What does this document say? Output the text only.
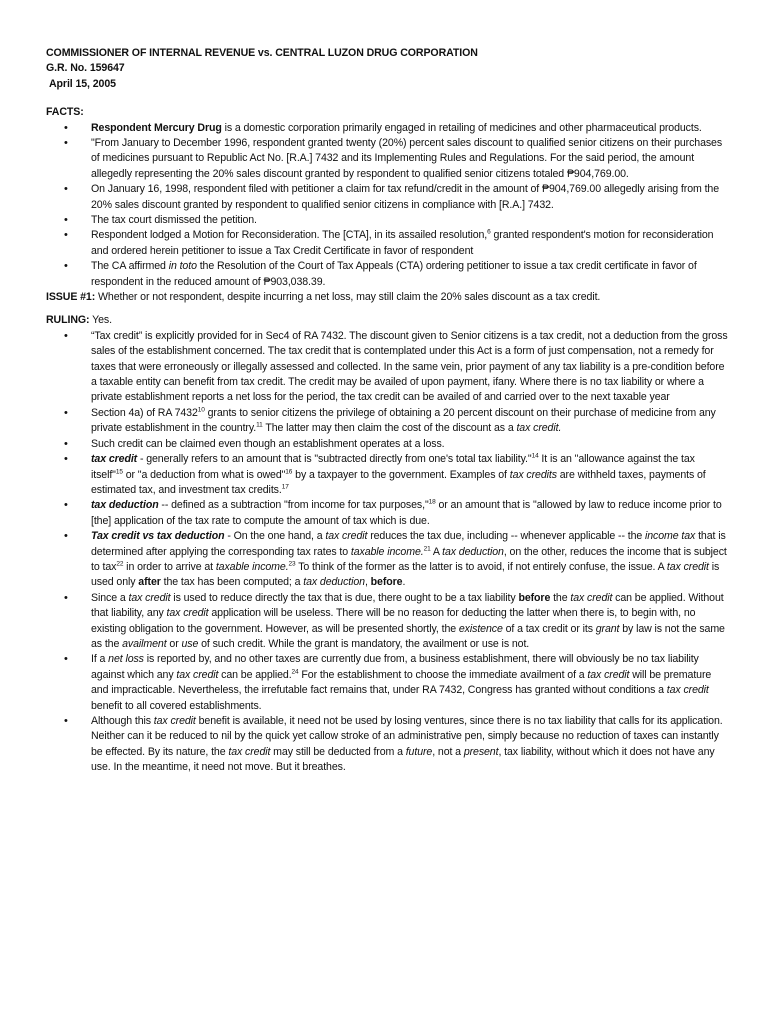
COMMISSIONER OF INTERNAL REVENUE vs. CENTRAL LUZON DRUG CORPORATION
G.R. No. 159647
April 15, 2005
FACTS:
• Respondent Mercury Drug is a domestic corporation primarily engaged in retailing of medicines and other pharmaceutical products.
• "From January to December 1996, respondent granted twenty (20%) percent sales discount to qualified senior citizens on their purchases of medicines pursuant to Republic Act No. [R.A.] 7432 and its Implementing Rules and Regulations. For the said period, the amount allegedly representing the 20% sales discount granted by respondent to qualified senior citizens totaled ₱904,769.00.
• On January 16, 1998, respondent filed with petitioner a claim for tax refund/credit in the amount of ₱904,769.00 allegedly arising from the 20% sales discount granted by respondent to qualified senior citizens in compliance with [R.A.] 7432.
• The tax court dismissed the petition.
• Respondent lodged a Motion for Reconsideration. The [CTA], in its assailed resolution,$^6$ granted respondent's motion for reconsideration and ordered herein petitioner to issue a Tax Credit Certificate in favor of respondent
• The CA affirmed in toto the Resolution of the Court of Tax Appeals (CTA) ordering petitioner to issue a tax credit certificate in favor of respondent in the reduced amount of ₱903,038.39.
ISSUE #1: Whether or not respondent, despite incurring a net loss, may still claim the 20% sales discount as a tax credit.
RULING: Yes.
• “Tax credit” is explicitly provided for in Sec4 of RA 7432. The discount given to Senior citizens is a tax credit, not a deduction from the gross sales of the establishment concerned. The tax credit that is contemplated under this Act is a form of just compensation, not a remedy for taxes that were erroneously or illegally assessed and collected. In the same vein, prior payment of any tax liability is a pre-condition before a taxable entity can benefit from tax credit. The credit may be availed of upon payment, ifany. Where there is no tax liability or where a private establishment reports a net loss for the period, the tax credit can be availed of and carried over to the next taxable year
• Section 4a) of RA 7432$^{10}$ grants to senior citizens the privilege of obtaining a 20 percent discount on their purchase of medicine from any private establishment in the country.$^{11}$ The latter may then claim the cost of the discount as a tax credit.
• Such credit can be claimed even though an establishment operates at a loss.
• tax credit - generally refers to an amount that is "subtracted directly from one's total tax liability."$^{14}$ It is an "allowance against the tax itself"$^{15}$ or "a deduction from what is owed"$^{16}$ by a taxpayer to the government. Examples of tax credits are withheld taxes, payments of estimated tax, and investment tax credits.$^{17}$
• tax deduction -- defined as a subtraction "from income for tax purposes,"$^{18}$ or an amount that is "allowed by law to reduce income prior to [the] application of the tax rate to compute the amount of tax which is due.
• Tax credit vs tax deduction - On the one hand, a tax credit reduces the tax due, including -- whenever applicable -- the income tax that is determined after applying the corresponding tax rates to taxable income.$^{21}$ A tax deduction, on the other, reduces the income that is subject to tax$^{22}$ in order to arrive at taxable income.$^{23}$ To think of the former as the latter is to avoid, if not entirely confuse, the issue. A tax credit is used only after the tax has been computed; a tax deduction, before.
• Since a tax credit is used to reduce directly the tax that is due, there ought to be a tax liability before the tax credit can be applied. Without that liability, any tax credit application will be useless. There will be no reason for deducting the latter when there is, to begin with, no existing obligation to the government. However, as will be presented shortly, the existence of a tax credit or its grant by law is not the same as the availment or use of such credit. While the grant is mandatory, the availment or use is not.
• If a net loss is reported by, and no other taxes are currently due from, a business establishment, there will obviously be no tax liability against which any tax credit can be applied.$^{24}$ For the establishment to choose the immediate availment of a tax credit will be premature and impracticable. Nevertheless, the irrefutable fact remains that, under RA 7432, Congress has granted without conditions a tax credit benefit to all covered establishments.
• Although this tax credit benefit is available, it need not be used by losing ventures, since there is no tax liability that calls for its application. Neither can it be reduced to nil by the quick yet callow stroke of an administrative pen, simply because no reduction of taxes can instantly be effected. By its nature, the tax credit may still be deducted from a future, not a present, tax liability, without which it does not have any use. In the meantime, it need not move. But it breathes.
